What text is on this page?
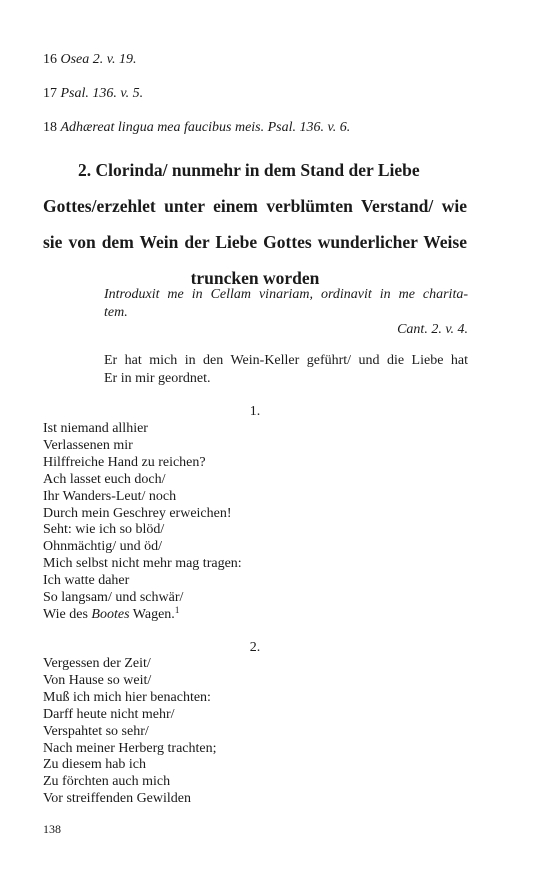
16 Osea 2. v. 19.
17 Psal. 136. v. 5.
18 Adhæreat lingua mea faucibus meis. Psal. 136. v. 6.
2. Clorinda/ nunmehr in dem Stand der Liebe
Gottes/erzehlet unter einem verblümten Verstand/ wie
sie von dem Wein der Liebe Gottes wunderlicher Weise
truncken worden
Introduxit me in Cellam vinariam, ordinavit in me charita-
tem.
Cant. 2. v. 4.
Er hat mich in den Wein-Keller geführt/ und die Liebe hat
Er in mir geordnet.
1.
Ist niemand allhier
Verlassenen mir
Hilffreiche Hand zu reichen?
Ach lasset euch doch/
Ihr Wanders-Leut/ noch
Durch mein Geschrey erweichen!
Seht: wie ich so blöd/
Ohnmächtig/ und öd/
Mich selbst nicht mehr mag tragen:
Ich watte daher
So langsam/ und schwär/
Wie des Bootes Wagen.$^1$
2.
Vergessen der Zeit/
Von Hause so weit/
Muß ich mich hier benachten:
Darff heute nicht mehr/
Verspahtet so sehr/
Nach meiner Herberg trachten;
Zu diesem hab ich
Zu förchten auch mich
Vor streiffenden Gewilden
138
